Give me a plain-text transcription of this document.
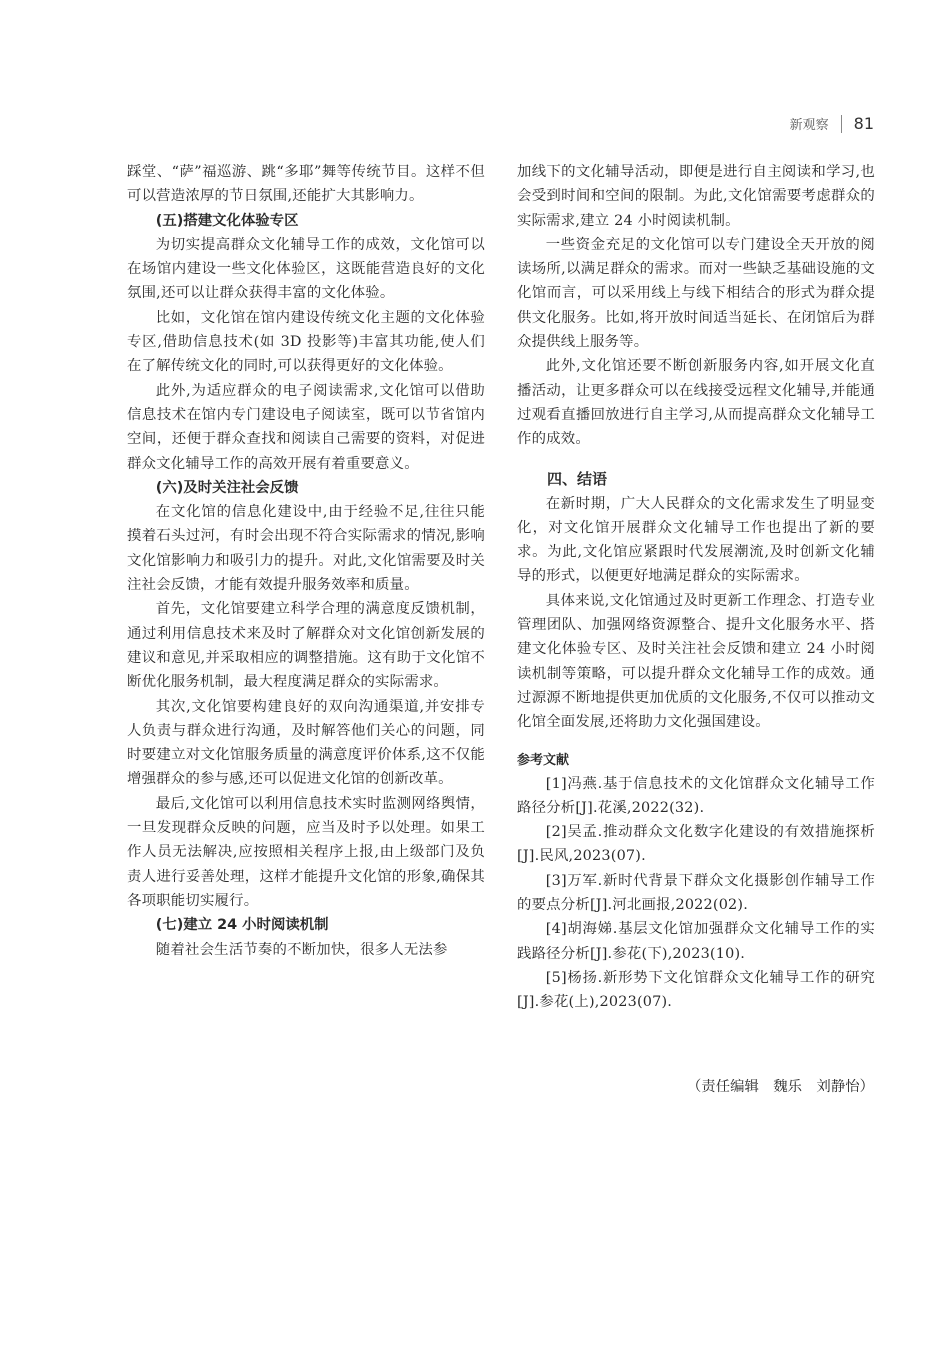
新观察 81

踩堂、“萨”福巡游、跳“多耶”舞等传统节目。这样不但可以营造浓厚的节日氛围,还能扩大其影响力。

(五)搭建文化体验专区

为切实提高群众文化辅导工作的成效，文化馆可以在场馆内建设一些文化体验区，这既能营造良好的文化氛围,还可以让群众获得丰富的文化体验。

比如，文化馆在馆内建设传统文化主题的文化体验专区,借助信息技术(如 3D 投影等)丰富其功能,使人们在了解传统文化的同时,可以获得更好的文化体验。

此外,为适应群众的电子阅读需求,文化馆可以借助信息技术在馆内专门建设电子阅读室，既可以节省馆内空间，还便于群众查找和阅读自己需要的资料，对促进群众文化辅导工作的高效开展有着重要意义。

(六)及时关注社会反馈

在文化馆的信息化建设中,由于经验不足,往往只能摸着石头过河，有时会出现不符合实际需求的情况,影响文化馆影响力和吸引力的提升。对此,文化馆需要及时关注社会反馈，才能有效提升服务效率和质量。

首先，文化馆要建立科学合理的满意度反馈机制，通过利用信息技术来及时了解群众对文化馆创新发展的建议和意见,并采取相应的调整措施。这有助于文化馆不断优化服务机制，最大程度满足群众的实际需求。

其次,文化馆要构建良好的双向沟通渠道,并安排专人负责与群众进行沟通，及时解答他们关心的问题，同时要建立对文化馆服务质量的满意度评价体系,这不仅能增强群众的参与感,还可以促进文化馆的创新改革。

最后,文化馆可以利用信息技术实时监测网络舆情，一旦发现群众反映的问题，应当及时予以处理。如果工作人员无法解决,应按照相关程序上报,由上级部门及负责人进行妥善处理，这样才能提升文化馆的形象,确保其各项职能切实履行。

(七)建立 24 小时阅读机制

随着社会生活节奏的不断加快，很多人无法参

加线下的文化辅导活动，即便是进行自主阅读和学习,也会受到时间和空间的限制。为此,文化馆需要考虑群众的实际需求,建立 24 小时阅读机制。

一些资金充足的文化馆可以专门建设全天开放的阅读场所,以满足群众的需求。而对一些缺乏基础设施的文化馆而言，可以采用线上与线下相结合的形式为群众提供文化服务。比如,将开放时间适当延长、在闭馆后为群众提供线上服务等。

此外,文化馆还要不断创新服务内容,如开展文化直播活动，让更多群众可以在线接受远程文化辅导,并能通过观看直播回放进行自主学习,从而提高群众文化辅导工作的成效。

四、结语

在新时期，广大人民群众的文化需求发生了明显变化，对文化馆开展群众文化辅导工作也提出了新的要求。为此,文化馆应紧跟时代发展潮流,及时创新文化辅导的形式，以便更好地满足群众的实际需求。

具体来说,文化馆通过及时更新工作理念、打造专业管理团队、加强网络资源整合、提升文化服务水平、搭建文化体验专区、及时关注社会反馈和建立 24 小时阅读机制等策略，可以提升群众文化辅导工作的成效。通过源源不断地提供更加优质的文化服务,不仅可以推动文化馆全面发展,还将助力文化强国建设。

参考文献

[1]冯燕.基于信息技术的文化馆群众文化辅导工作路径分析[J].花溪,2022(32).

[2]吴孟.推动群众文化数字化建设的有效措施探析[J].民风,2023(07).

[3]万军.新时代背景下群众文化摄影创作辅导工作的要点分析[J].河北画报,2022(02).

[4]胡海娣.基层文化馆加强群众文化辅导工作的实践路径分析[J].参花(下),2023(10).

[5]杨扬.新形势下文化馆群众文化辅导工作的研究[J].参花(上),2023(07).

（责任编辑　魏乐　刘静怡）
